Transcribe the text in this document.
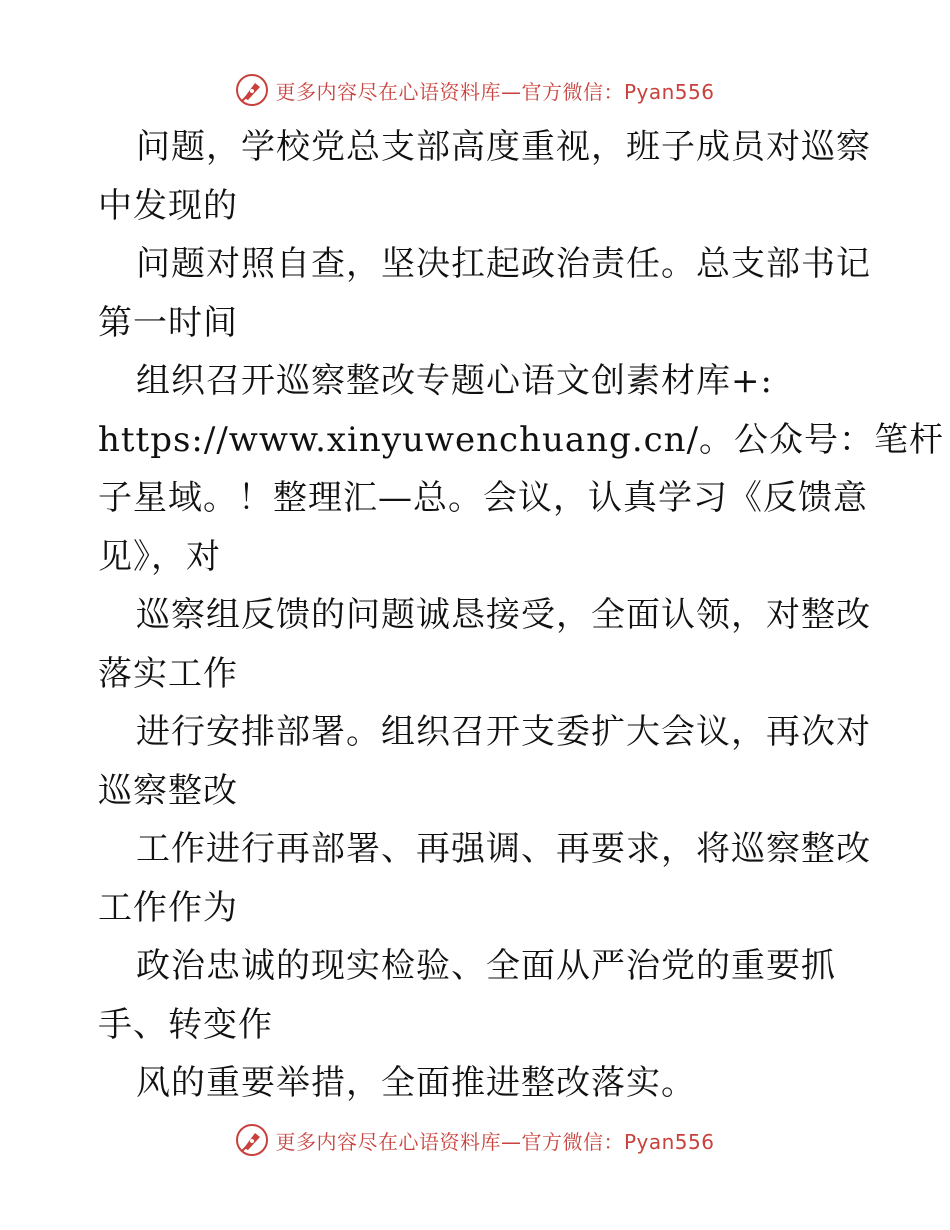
更多内容尽在心语资料库—官方微信：Pyan556
问题，学校党总支部高度重视，班子成员对巡察
中发现的
问题对照自查，坚决扛起政治责任。总支部书记
第一时间
组织召开巡察整改专题心语文创素材库+:
https://www.xinyuwenchuang.cn/。公众号：笔杆
子星域。！整理汇—总。会议，认真学习《反馈意
见》，对
巡察组反馈的问题诚恳接受，全面认领，对整改
落实工作
进行安排部署。组织召开支委扩大会议，再次对
巡察整改
工作进行再部署、再强调、再要求，将巡察整改
工作作为
政治忠诚的现实检验、全面从严治党的重要抓
手、转变作
风的重要举措，全面推进整改落实。
更多内容尽在心语资料库—官方微信：Pyan556
